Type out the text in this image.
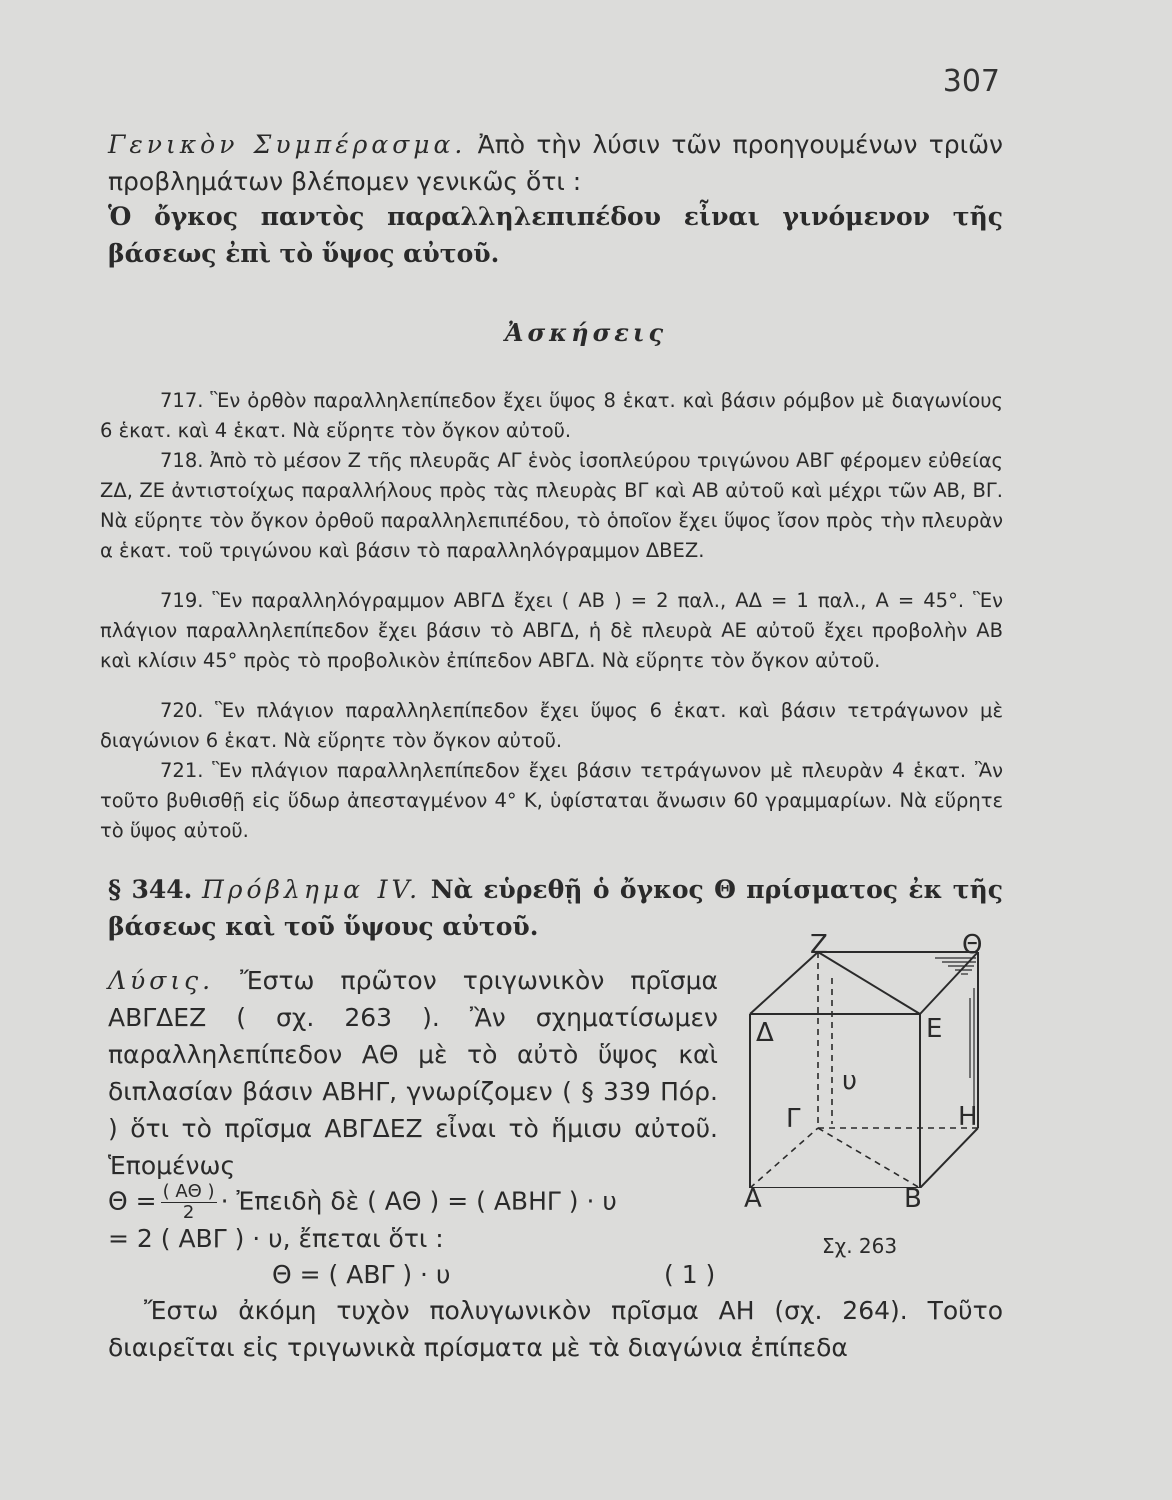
307

Γενικὸν Συμπέρασμα. Ἀπὸ τὴν λύσιν τῶν προηγουμένων τριῶν προβλημάτων βλέπομεν γενικῶς ὅτι :

Ὁ ὄγκος παντὸς παραλληλεπιπέδου εἶναι γινόμενον τῆς βάσεως ἐπὶ τὸ ὕψος αὐτοῦ.

Ἀσκήσεις

717. Ἓν ὀρθὸν παραλληλεπίπεδον ἔχει ὕψος 8 ἑκατ. καὶ βάσιν ρόμβον μὲ διαγωνίους 6 ἑκατ. καὶ 4 ἑκατ. Νὰ εὕρητε τὸν ὄγκον αὐτοῦ.

718. Ἀπὸ τὸ μέσον Ζ τῆς πλευρᾶς ΑΓ ἑνὸς ἰσοπλεύρου τριγώνου ΑΒΓ φέρομεν εὐθείας ΖΔ, ΖΕ ἀντιστοίχως παραλλήλους πρὸς τὰς πλευρὰς ΒΓ καὶ ΑΒ αὐτοῦ καὶ μέχρι τῶν ΑΒ, ΒΓ. Νὰ εὕρητε τὸν ὄγκον ὀρθοῦ παραλληλεπιπέδου, τὸ ὁποῖον ἔχει ὕψος ἴσον πρὸς τὴν πλευρὰν α ἑκατ. τοῦ τριγώνου καὶ βάσιν τὸ παραλληλόγραμμον ΔΒΕΖ.

719. Ἓν παραλληλόγραμμον ΑΒΓΔ ἔχει ( ΑΒ ) = 2 παλ., ΑΔ = 1 παλ., Α = 45°. Ἓν πλάγιον παραλληλεπίπεδον ἔχει βάσιν τὸ ΑΒΓΔ, ἡ δὲ πλευρὰ ΑΕ αὐτοῦ ἔχει προβολὴν ΑΒ καὶ κλίσιν 45° πρὸς τὸ προβολικὸν ἐπίπεδον ΑΒΓΔ. Νὰ εὕρητε τὸν ὄγκον αὐτοῦ.

720. Ἓν πλάγιον παραλληλεπίπεδον ἔχει ὕψος 6 ἑκατ. καὶ βάσιν τετράγωνον μὲ διαγώνιον 6 ἑκατ. Νὰ εὕρητε τὸν ὄγκον αὐτοῦ.

721. Ἓν πλάγιον παραλληλεπίπεδον ἔχει βάσιν τετράγωνον μὲ πλευρὰν 4 ἑκατ. Ἂν τοῦτο βυθισθῇ εἰς ὕδωρ ἀπεσταγμένον 4° Κ, ὑφίσταται ἄνωσιν 60 γραμμαρίων. Νὰ εὕρητε τὸ ὕψος αὐτοῦ.

§ 344. Πρόβλημα IV. Νὰ εὑρεθῇ ὁ ὄγκος Θ πρίσματος ἐκ τῆς βάσεως καὶ τοῦ ὕψους αὐτοῦ.

Λύσις. Ἔστω πρῶτον τριγωνικὸν πρῖσμα ΑΒΓΔΕΖ ( σχ. 263 ). Ἂν σχηματίσωμεν παραλληλεπίπεδον ΑΘ μὲ τὸ αὐτὸ ὕψος καὶ διπλασίαν βάσιν ΑΒΗΓ, γνωρίζομεν ( § 339 Πόρ. ) ὅτι τὸ πρῖσμα ΑΒΓΔΕΖ εἶναι τὸ ἥμισυ αὐτοῦ. Ἑπομένως

$\Theta = \frac{( A\Theta )}{2}$ · Ἐπειδὴ δὲ ( ΑΘ ) = ( ΑΒΗΓ ) · υ
= 2 ( ΑΒΓ ) · υ, ἔπεται ὅτι :
Θ = ( ΑΒΓ ) · υ	( 1 )

Ἔστω ἀκόμη τυχὸν πολυγωνικὸν πρῖσμα ΑΗ (σχ. 264). Τοῦτο διαιρεῖται εἰς τριγωνικὰ πρίσματα μὲ τὰ διαγώνια ἐπίπεδα

Z	Θ
Δ	Ε
υ
Γ	Η
Α	Β
Σχ. 263
